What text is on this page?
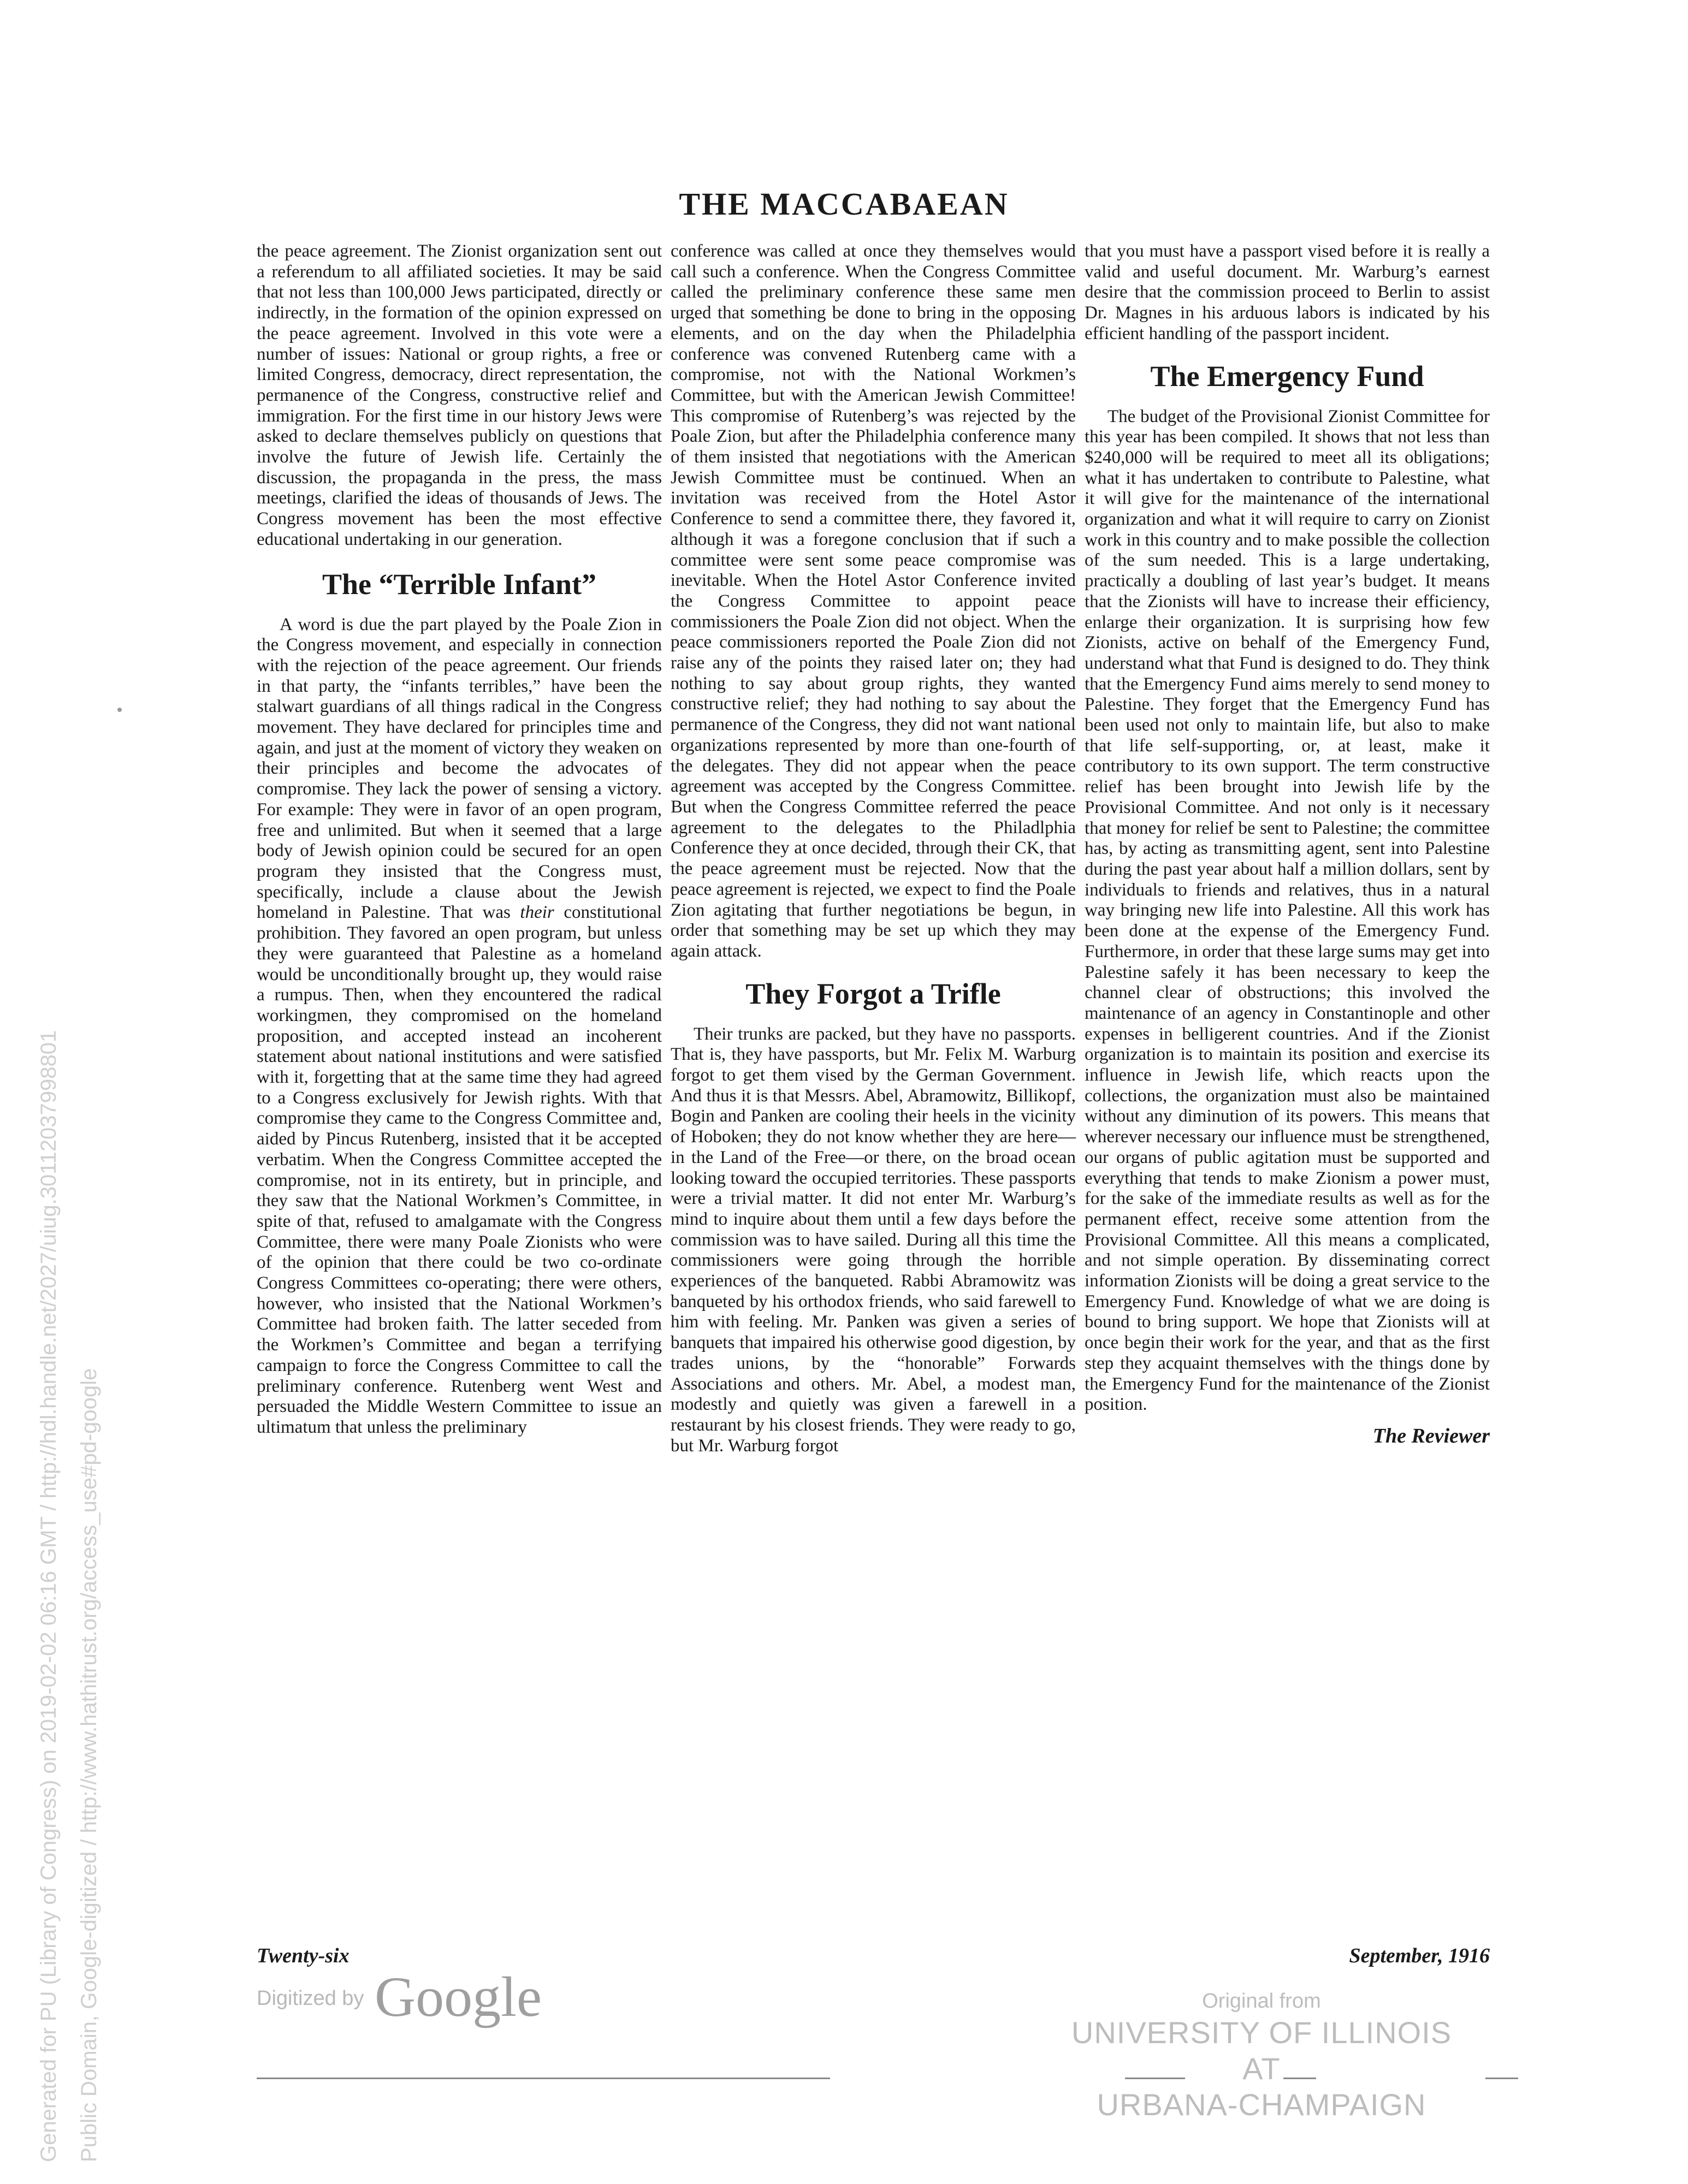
THE MACCABAEAN

the peace agreement. The Zionist organization sent out a referendum to all affiliated societies. It may be said that not less than 100,000 Jews participated, directly or indirectly, in the formation of the opinion expressed on the peace agreement. Involved in this vote were a number of issues: National or group rights, a free or limited Congress, democracy, direct representation, the permanence of the Congress, constructive relief and immigration. For the first time in our history Jews were asked to declare themselves publicly on questions that involve the future of Jewish life. Certainly the discussion, the propaganda in the press, the mass meetings, clarified the ideas of thousands of Jews. The Congress movement has been the most effective educational undertaking in our generation.

The “Terrible Infant”

A word is due the part played by the Poale Zion in the Congress movement, and especially in connection with the rejection of the peace agreement. Our friends in that party, the “infants terribles,” have been the stalwart guardians of all things radical in the Congress movement. They have declared for principles time and again, and just at the moment of victory they weaken on their principles and become the advocates of compromise. They lack the power of sensing a victory. For example: They were in favor of an open program, free and unlimited. But when it seemed that a large body of Jewish opinion could be secured for an open program they insisted that the Congress must, specifically, include a clause about the Jewish homeland in Palestine. That was their constitutional prohibition. They favored an open program, but unless they were guaranteed that Palestine as a homeland would be unconditionally brought up, they would raise a rumpus. Then, when they encountered the radical workingmen, they compromised on the homeland proposition, and accepted instead an incoherent statement about national institutions and were satisfied with it, forgetting that at the same time they had agreed to a Congress exclusively for Jewish rights. With that compromise they came to the Congress Committee and, aided by Pincus Rutenberg, insisted that it be accepted verbatim. When the Congress Committee accepted the compromise, not in its entirety, but in principle, and they saw that the National Workmen’s Committee, in spite of that, refused to amalgamate with the Congress Committee, there were many Poale Zionists who were of the opinion that there could be two co-ordinate Congress Committees co-operating; there were others, however, who insisted that the National Workmen’s Committee had broken faith. The latter seceded from the Workmen’s Committee and began a terrifying campaign to force the Congress Committee to call the preliminary conference. Rutenberg went West and persuaded the Middle Western Committee to issue an ultimatum that unless the preliminary

conference was called at once they themselves would call such a conference. When the Congress Committee called the preliminary conference these same men urged that something be done to bring in the opposing elements, and on the day when the Philadelphia conference was convened Rutenberg came with a compromise, not with the National Workmen’s Committee, but with the American Jewish Committee! This compromise of Rutenberg’s was rejected by the Poale Zion, but after the Philadelphia conference many of them insisted that negotiations with the American Jewish Committee must be continued. When an invitation was received from the Hotel Astor Conference to send a committee there, they favored it, although it was a foregone conclusion that if such a committee were sent some peace compromise was inevitable. When the Hotel Astor Conference invited the Congress Committee to appoint peace commissioners the Poale Zion did not object. When the peace commissioners reported the Poale Zion did not raise any of the points they raised later on; they had nothing to say about group rights, they wanted constructive relief; they had nothing to say about the permanence of the Congress, they did not want national organizations represented by more than one-fourth of the delegates. They did not appear when the peace agreement was accepted by the Congress Committee. But when the Congress Committee referred the peace agreement to the delegates to the Philadlphia Conference they at once decided, through their CK, that the peace agreement must be rejected. Now that the peace agreement is rejected, we expect to find the Poale Zion agitating that further negotiations be begun, in order that something may be set up which they may again attack.

They Forgot a Trifle

Their trunks are packed, but they have no passports. That is, they have passports, but Mr. Felix M. Warburg forgot to get them vised by the German Government. And thus it is that Messrs. Abel, Abramowitz, Billikopf, Bogin and Panken are cooling their heels in the vicinity of Hoboken; they do not know whether they are here—in the Land of the Free—or there, on the broad ocean looking toward the occupied territories. These passports were a trivial matter. It did not enter Mr. Warburg’s mind to inquire about them until a few days before the commission was to have sailed. During all this time the commissioners were going through the horrible experiences of the banqueted. Rabbi Abramowitz was banqueted by his orthodox friends, who said farewell to him with feeling. Mr. Panken was given a series of banquets that impaired his otherwise good digestion, by trades unions, by the “honorable” Forwards Associations and others. Mr. Abel, a modest man, modestly and quietly was given a farewell in a restaurant by his closest friends. They were ready to go, but Mr. Warburg forgot

that you must have a passport vised before it is really a valid and useful document. Mr. Warburg’s earnest desire that the commission proceed to Berlin to assist Dr. Magnes in his arduous labors is indicated by his efficient handling of the passport incident.

The Emergency Fund

The budget of the Provisional Zionist Committee for this year has been compiled. It shows that not less than $240,000 will be required to meet all its obligations; what it has undertaken to contribute to Palestine, what it will give for the maintenance of the international organization and what it will require to carry on Zionist work in this country and to make possible the collection of the sum needed. This is a large undertaking, practically a doubling of last year’s budget. It means that the Zionists will have to increase their efficiency, enlarge their organization. It is surprising how few Zionists, active on behalf of the Emergency Fund, understand what that Fund is designed to do. They think that the Emergency Fund aims merely to send money to Palestine. They forget that the Emergency Fund has been used not only to maintain life, but also to make that life self-supporting, or, at least, make it contributory to its own support. The term constructive relief has been brought into Jewish life by the Provisional Committee. And not only is it necessary that money for relief be sent to Palestine; the committee has, by acting as transmitting agent, sent into Palestine during the past year about half a million dollars, sent by individuals to friends and relatives, thus in a natural way bringing new life into Palestine. All this work has been done at the expense of the Emergency Fund. Furthermore, in order that these large sums may get into Palestine safely it has been necessary to keep the channel clear of obstructions; this involved the maintenance of an agency in Constantinople and other expenses in belligerent countries. And if the Zionist organization is to maintain its position and exercise its influence in Jewish life, which reacts upon the collections, the organization must also be maintained without any diminution of its powers. This means that wherever necessary our influence must be strengthened, our organs of public agitation must be supported and everything that tends to make Zionism a power must, for the sake of the immediate results as well as for the permanent effect, receive some attention from the Provisional Committee. All this means a complicated, and not simple operation. By disseminating correct information Zionists will be doing a great service to the Emergency Fund. Knowledge of what we are doing is bound to bring support. We hope that Zionists will at once begin their work for the year, and that as the first step they acquaint themselves with the things done by the Emergency Fund for the maintenance of the Zionist position.

The Reviewer
Twenty-six	September, 1916
Generated for PU (Library of Congress) on 2019-02-02 06:16 GMT / http://hdl.handle.net/2027/uiug.30112037998801 Public Domain, Google-digitized / http://www.hathitrust.org/access_use#pd-google	Digitized by Google	Original from
UNIVERSITY OF ILLINOIS AT
URBANA-CHAMPAIGN
